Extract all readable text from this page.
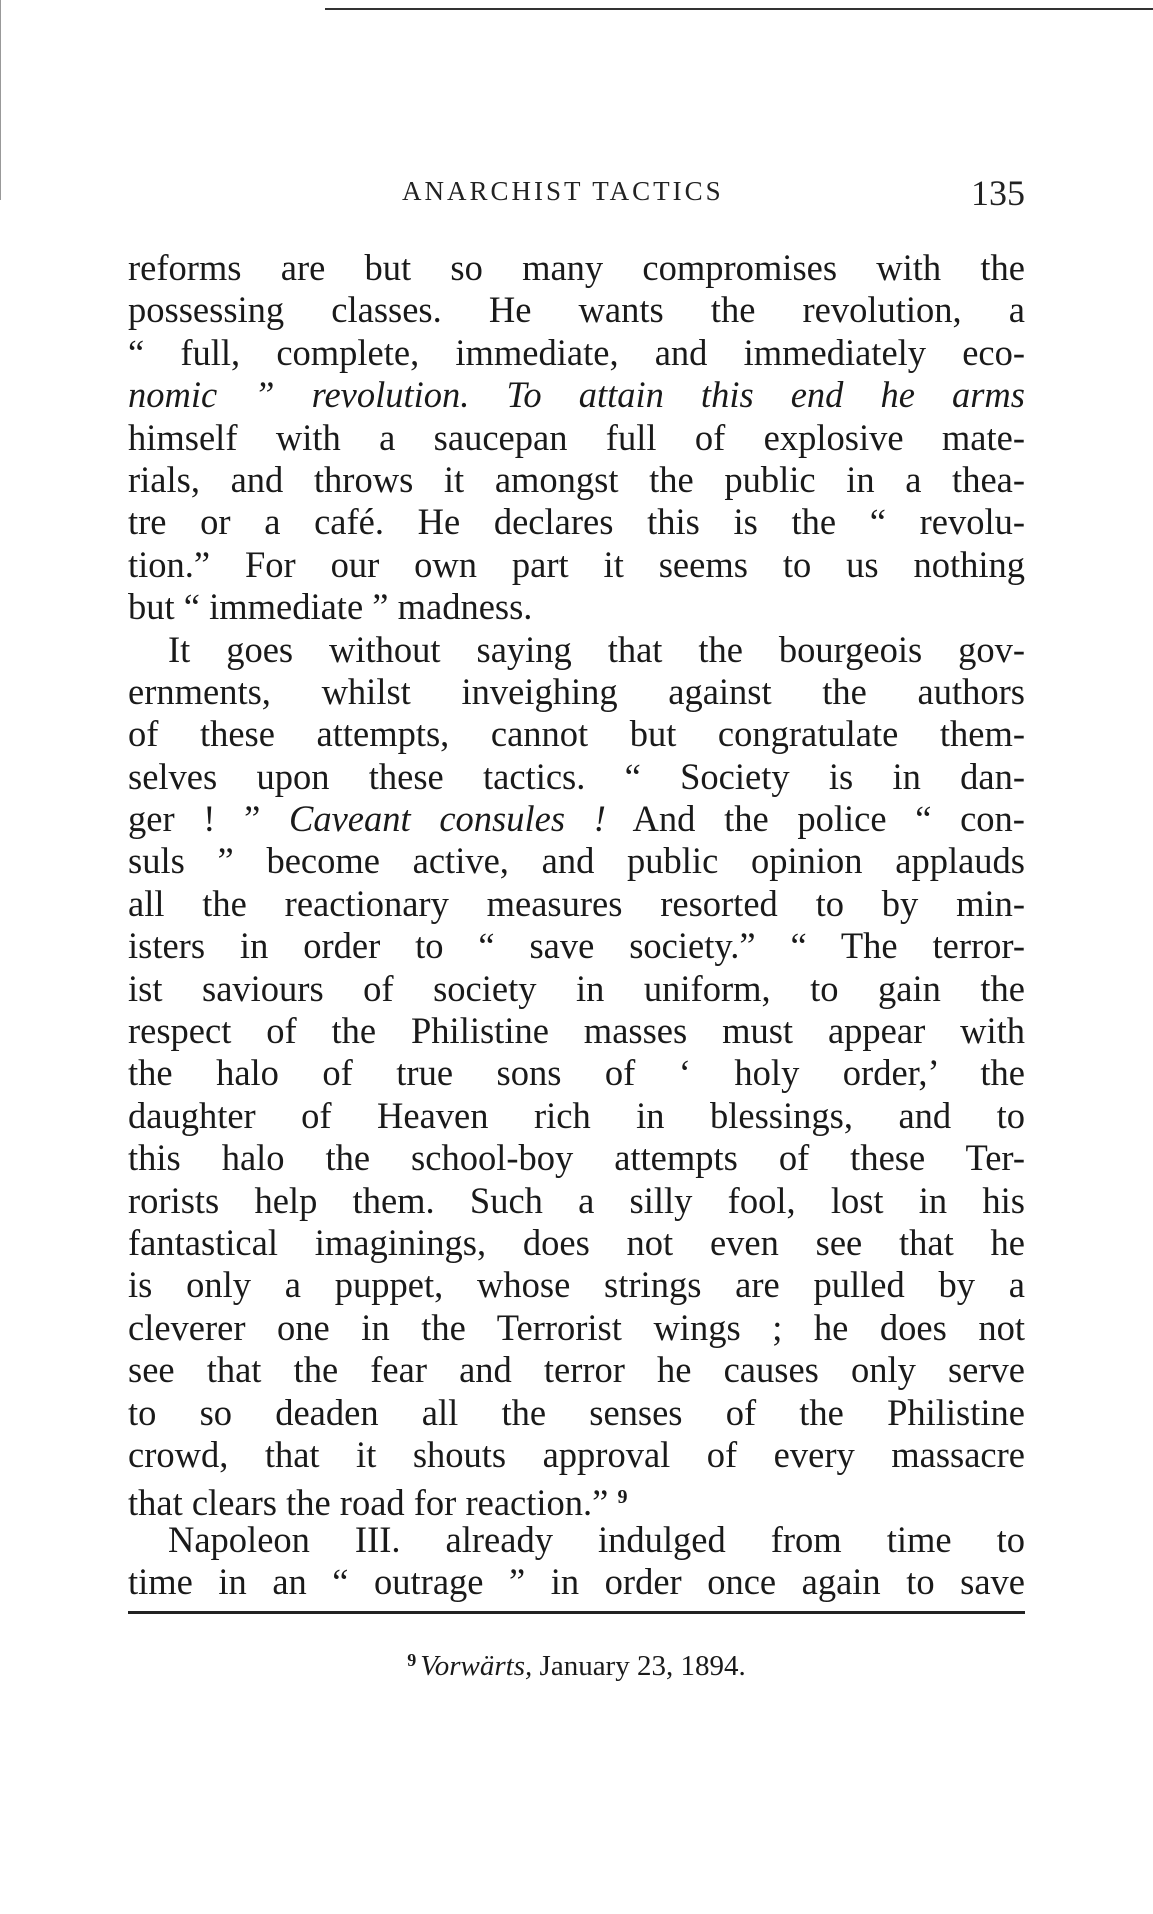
ANARCHIST TACTICS	135
reforms are but so many compromises with the
possessing classes. He wants the revolution, a
“ full, complete, immediate, and immediately eco-
nomic ” revolution. To attain this end he arms
himself with a saucepan full of explosive mate-
rials, and throws it amongst the public in a thea-
tre or a café. He declares this is the “ revolu-
tion.” For our own part it seems to us nothing
but “ immediate ” madness.
It goes without saying that the bourgeois gov-
ernments, whilst inveighing against the authors
of these attempts, cannot but congratulate them-
selves upon these tactics. “ Society is in dan-
ger ! ” Caveant consules ! And the police “ con-
suls ” become active, and public opinion applauds
all the reactionary measures resorted to by min-
isters in order to “ save society.” “ The terror-
ist saviours of society in uniform, to gain the
respect of the Philistine masses must appear with
the halo of true sons of ‘ holy order,’ the
daughter of Heaven rich in blessings, and to
this halo the school-boy attempts of these Ter-
rorists help them. Such a silly fool, lost in his
fantastical imaginings, does not even see that he
is only a puppet, whose strings are pulled by a
cleverer one in the Terrorist wings ; he does not
see that the fear and terror he causes only serve
to so deaden all the senses of the Philistine
crowd, that it shouts approval of every massacre
that clears the road for reaction.” $^9$
Napoleon III. already indulged from time to
time in an “ outrage ” in order once again to save
$^9$ Vorwärts, January 23, 1894.
